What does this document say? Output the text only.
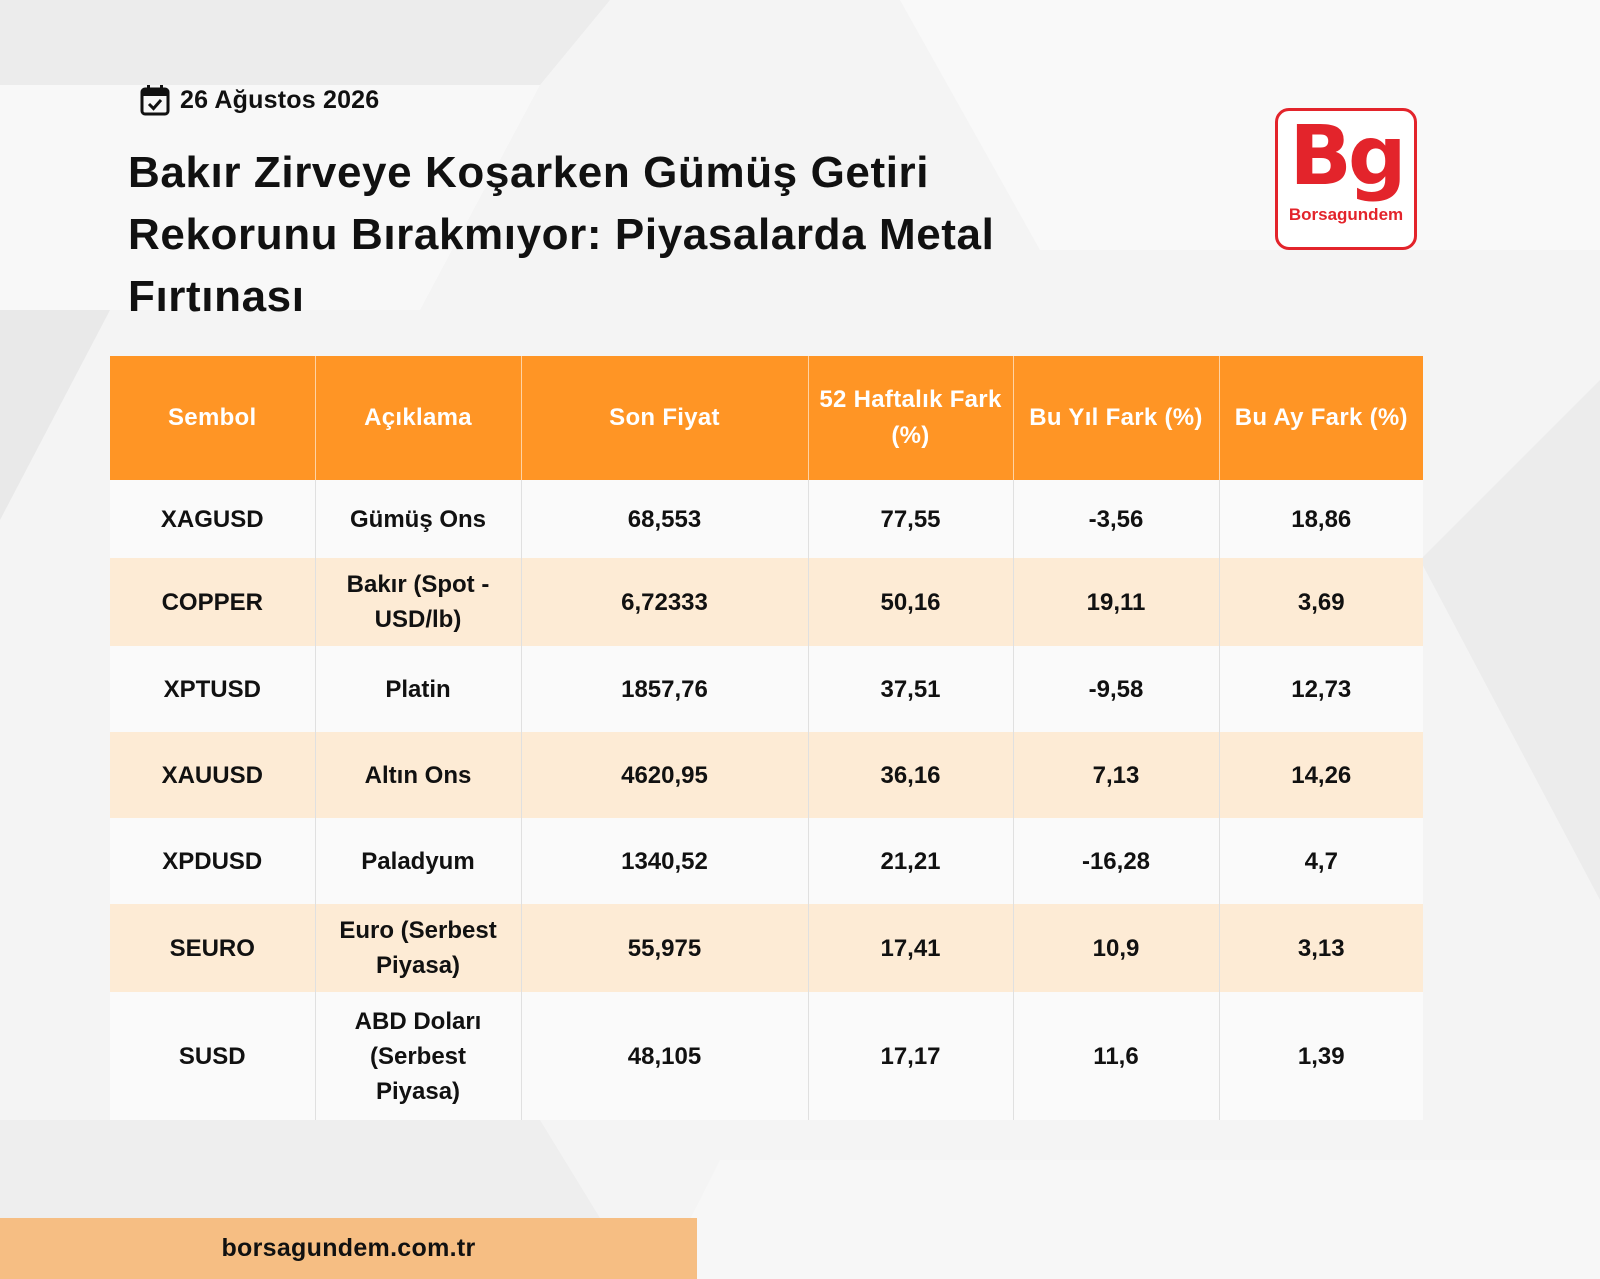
26 Ağustos 2026
Bakır Zirveye Koşarken Gümüş Getiri Rekorunu Bırakmıyor: Piyasalarda Metal Fırtınası
Bg
Borsagundem
Sembol	Açıklama	Son Fiyat	52 Haftalık Fark (%)	Bu Yıl Fark (%)	Bu Ay Fark (%)
XAGUSD	Gümüş Ons	68,553	77,55	-3,56	18,86
COPPER	Bakır (Spot - USD/lb)	6,72333	50,16	19,11	3,69
XPTUSD	Platin	1857,76	37,51	-9,58	12,73
XAUUSD	Altın Ons	4620,95	36,16	7,13	14,26
XPDUSD	Paladyum	1340,52	21,21	-16,28	4,7
SEURO	Euro (Serbest Piyasa)	55,975	17,41	10,9	3,13
SUSD	ABD Doları (Serbest Piyasa)	48,105	17,17	11,6	1,39
borsagundem.com.tr
